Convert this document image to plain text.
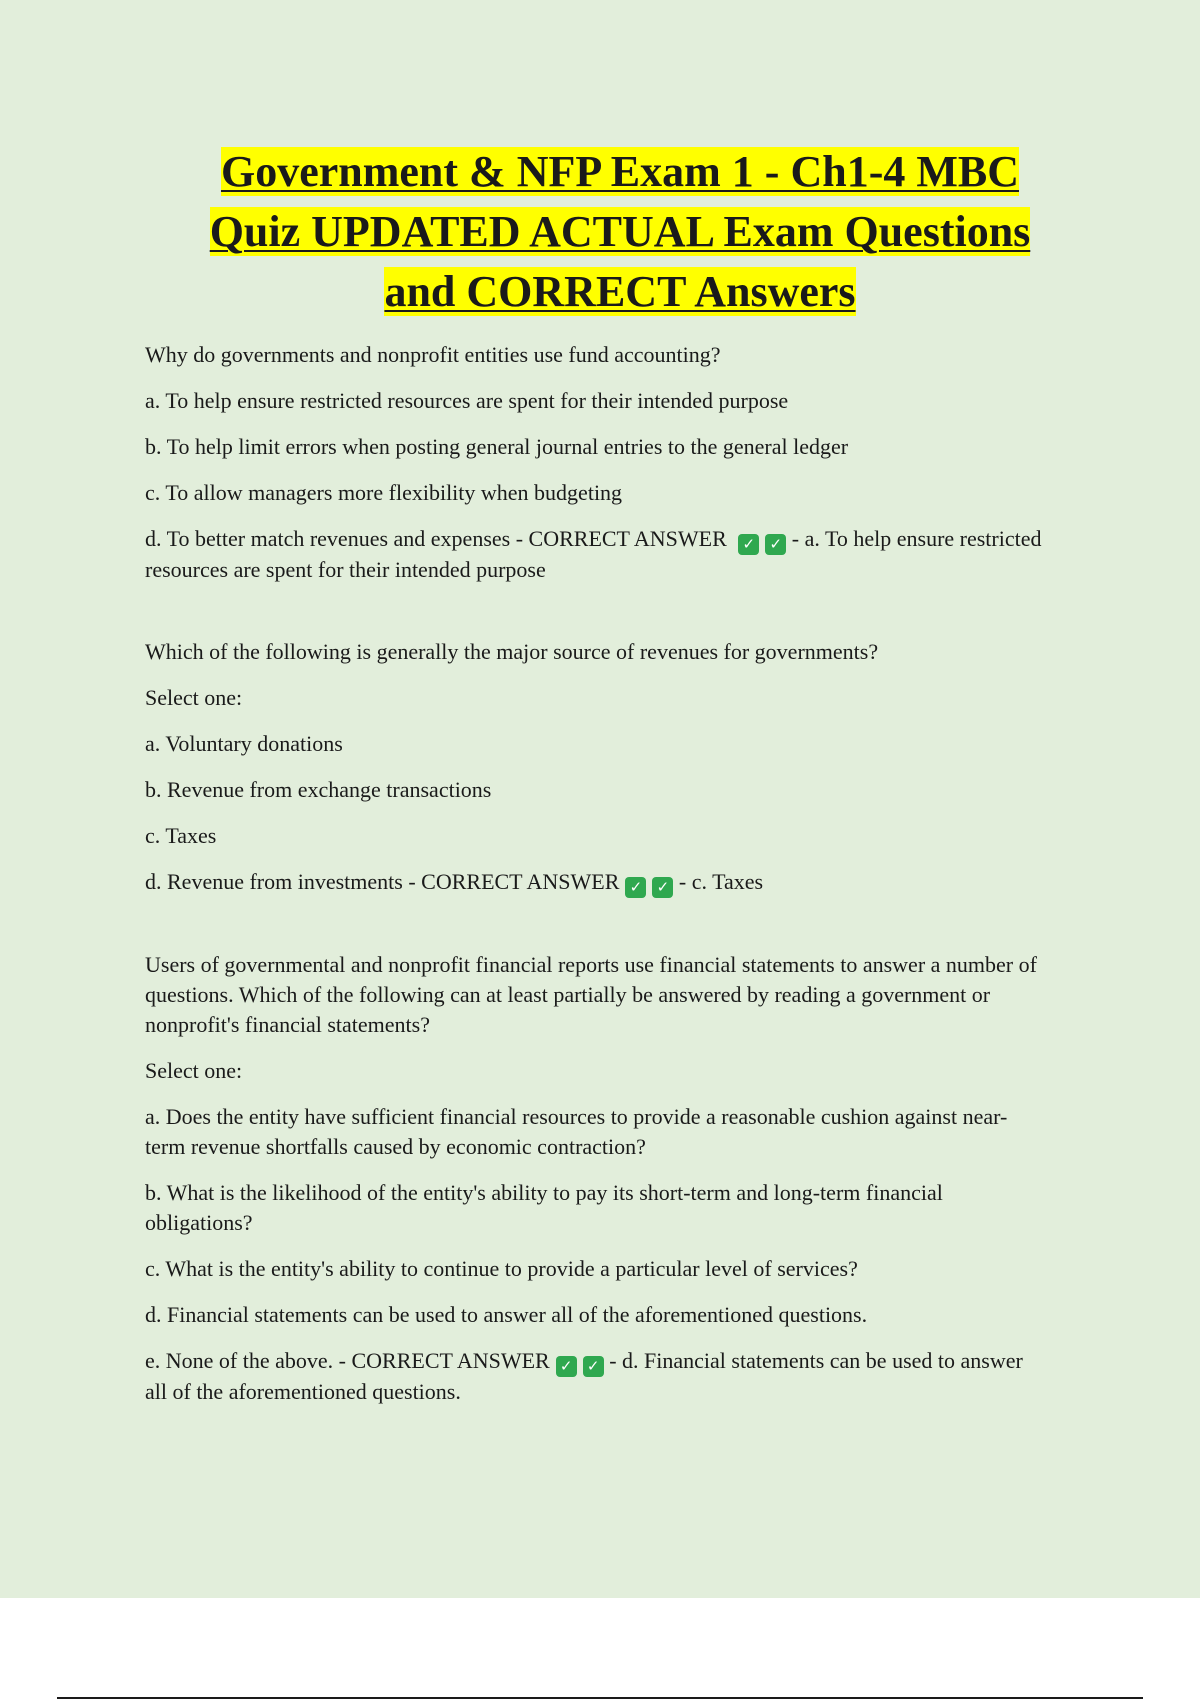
Government & NFP Exam 1 - Ch1-4 MBC
Quiz UPDATED ACTUAL Exam Questions
and CORRECT Answers

Why do governments and nonprofit entities use fund accounting?

a. To help ensure restricted resources are spent for their intended purpose

b. To help limit errors when posting general journal entries to the general ledger

c. To allow managers more flexibility when budgeting

d. To better match revenues and expenses - CORRECT ANSWER ✓ ✓ - a. To help ensure restricted resources are spent for their intended purpose

Which of the following is generally the major source of revenues for governments?

Select one:

a. Voluntary donations

b. Revenue from exchange transactions

c. Taxes

d. Revenue from investments - CORRECT ANSWER ✓ ✓ - c. Taxes

Users of governmental and nonprofit financial reports use financial statements to answer a number of questions. Which of the following can at least partially be answered by reading a government or nonprofit's financial statements?

Select one:

a. Does the entity have sufficient financial resources to provide a reasonable cushion against near-term revenue shortfalls caused by economic contraction?

b. What is the likelihood of the entity's ability to pay its short-term and long-term financial obligations?

c. What is the entity's ability to continue to provide a particular level of services?

d. Financial statements can be used to answer all of the aforementioned questions.

e. None of the above. - CORRECT ANSWER ✓ ✓ - d. Financial statements can be used to answer all of the aforementioned questions.
